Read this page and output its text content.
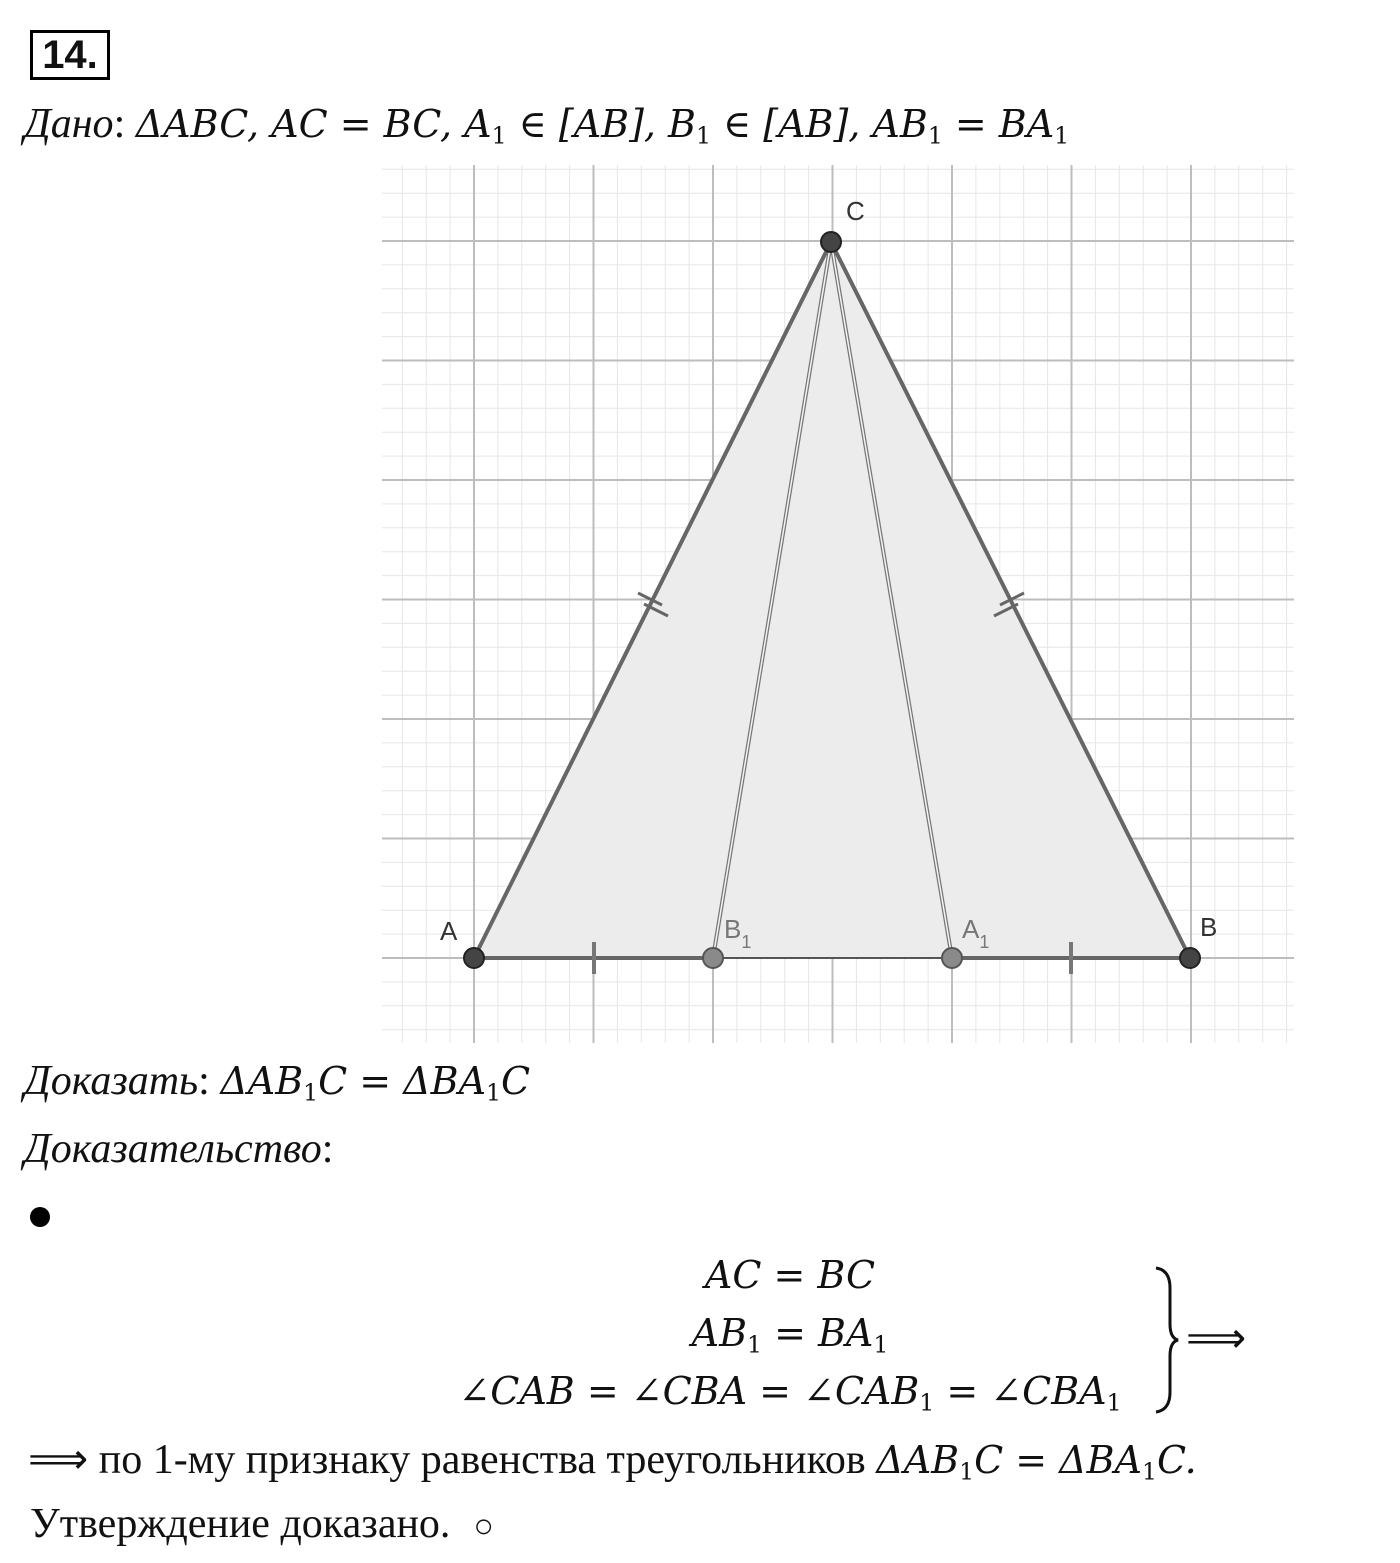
14.
Дано: ΔABC, AC = BC, $A_1$ ∈ [AB], $B_1$ ∈ [AB], $AB_1 = BA_1$
A	B
C
$B_1$	$A_1$
Доказать: $\Delta AB_1C = \Delta BA_1C$
Доказательство:
AC = BC
$AB_1 = BA_1$
∠CAB = ∠CBA = $\angle CAB_1$ = $\angle CBA_1$
⟹
⟹ по 1-му признаку равенства треугольников $\Delta AB_1C = \Delta BA_1C$.
Утверждение доказано. ○
